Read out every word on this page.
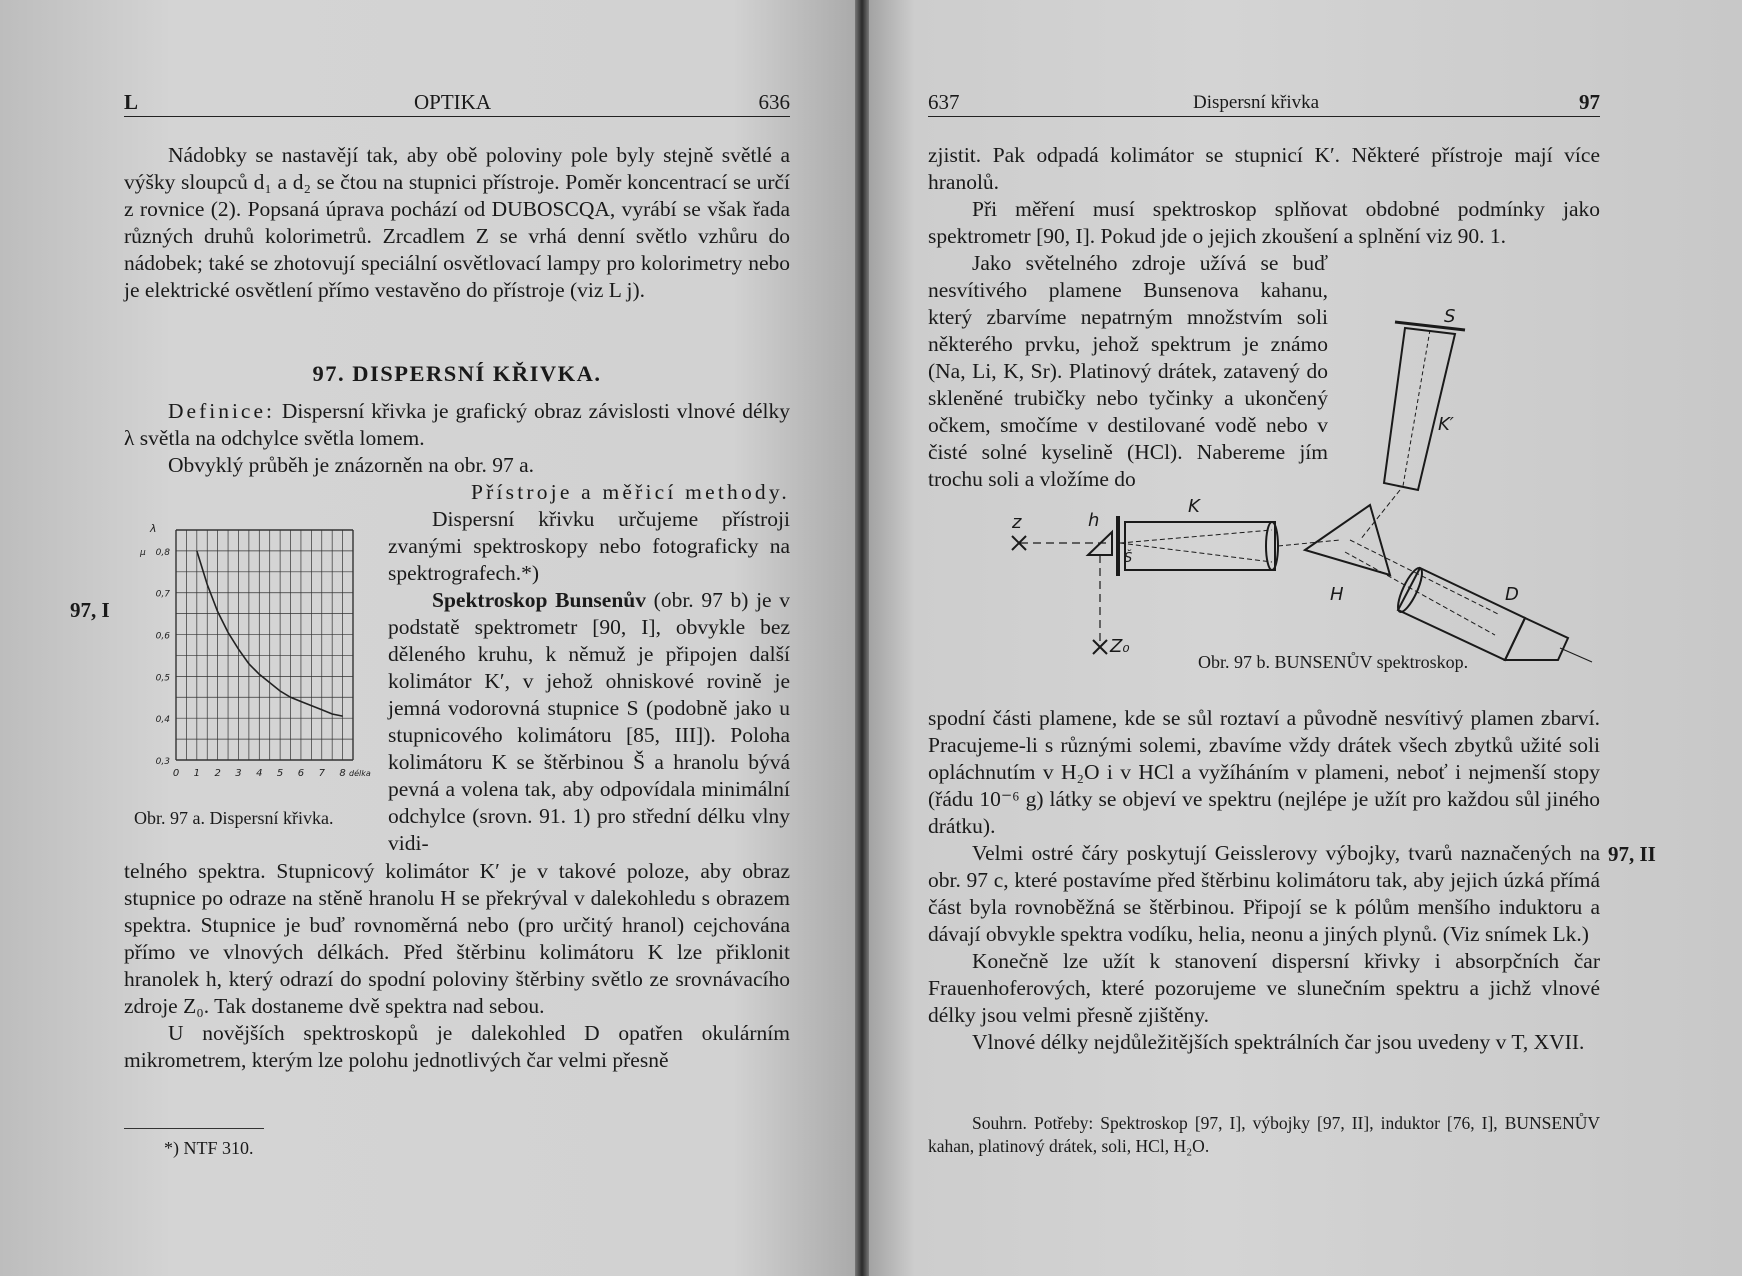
L	OPTIKA	636

Nádobky se nastavějí tak, aby obě poloviny pole byly stejně světlé a výšky sloupců d₁ a d₂ se čtou na stupnici přístroje. Poměr koncentrací se určí z rovnice (2). Popsaná úprava pochází od DUBOSCQA, vyrábí se však řada různých druhů kolorimetrů. Zrcadlem Z se vrhá denní světlo vzhůru do nádobek; také se zhotovují speciální osvětlovací lampy pro kolorimetry nebo je elektrické osvětlení přímo vestavěno do přístroje (viz L j).

97. DISPERSNÍ KŘIVKA.

Definice: Dispersní křivka je grafický obraz závislosti vlnové délky λ světla na odchylce světla lomem.

Obvyklý průběh je znázorněn na obr. 97 a.

Přístroje a měřicí methody.

Dispersní křivku určujeme přístroji zvanými spektroskopy nebo fotograficky na spektrografech.*)

Spektroskop Bunsenův (obr. 97 b) je v podstatě spektrometr [90, I], obvykle bez děleného kruhu, k němuž je připojen další kolimátor K′, v jehož ohniskové rovině je jemná vodorovná stupnice S (podobně jako u stupnicového kolimátoru [85, III]). Poloha kolimátoru K se štěrbinou Š a hranolu bývá pevná a volena tak, aby odpovídala minimální odchylce (srovn. 91. 1) pro střední délku vlny vidi-

telného spektra. Stupnicový kolimátor K′ je v takové poloze, aby obraz stupnice po odraze na stěně hranolu H se překrýval v dalekohledu s obrazem spektra. Stupnice je buď rovnoměrná nebo (pro určitý hranol) cejchována přímo ve vlnových délkách. Před štěrbinu kolimátoru K lze přiklonit hranolek h, který odrazí do spodní poloviny štěrbiny světlo ze srovnávacího zdroje Z₀. Tak dostaneme dvě spektra nad sebou.

U novějších spektroskopů je dalekohled D opatřen okulárním mikrometrem, kterým lze polohu jednotlivých čar velmi přesně

97, I
0 1 2 3 4 5 6 7 8
0,3
0,4
0,5
0,6
0,7
0,8
λ
μ
délka
Obr. 97 a. Dispersní křivka.
*) NTF 310.
637	Dispersní křivka	97

zjistit. Pak odpadá kolimátor se stupnicí K′. Některé přístroje mají více hranolů.

Při měření musí spektroskop splňovat obdobné podmínky jako spektrometr [90, I]. Pokud jde o jejich zkoušení a splnění viz 90. 1.

Jako světelného zdroje užívá se buď nesvítivého plamene Bunsenova kahanu, který zbarvíme nepatrným množstvím soli některého prvku, jehož spektrum je známo (Na, Li, K, Sr). Platinový drátek, zatavený do skleněné trubičky nebo tyčinky a ukončený očkem, smočíme v destilované vodě nebo v čisté solné kyselině (HCl). Nabereme jím trochu soli a vložíme do

S
K′
K
z	h
Š
H	D
Z₀
Obr. 97 b. BUNSENŮV spektroskop.

spodní části plamene, kde se sůl roztaví a původně nesvítivý plamen zbarví. Pracujeme-li s různými solemi, zbavíme vždy drátek všech zbytků užité soli opláchnutím v H₂O i v HCl a vyžíháním v plameni, neboť i nejmenší stopy (řádu 10⁻⁶ g) látky se objeví ve spektru (nejlépe je užít pro každou sůl jiného drátku).

Velmi ostré čáry poskytují Geisslerovy výbojky, tvarů naznačených na obr. 97 c, které postavíme před štěrbinu kolimátoru tak, aby jejich úzká přímá část byla rovnoběžná se štěrbinou. Připojí se k pólům menšího induktoru a dávají obvykle spektra vodíku, helia, neonu a jiných plynů. (Viz snímek Lk.)

Konečně lze užít k stanovení dispersní křivky i absorpčních čar Frauenhoferových, které pozorujeme ve slunečním spektru a jichž vlnové délky jsou velmi přesně zjištěny.

Vlnové délky nejdůležitějších spektrálních čar jsou uvedeny v T, XVII.

Souhrn. Potřeby: Spektroskop [97, I], výbojky [97, II], induktor [76, I], BUNSENŮV kahan, platinový drátek, soli, HCl, H₂O.

97, II
